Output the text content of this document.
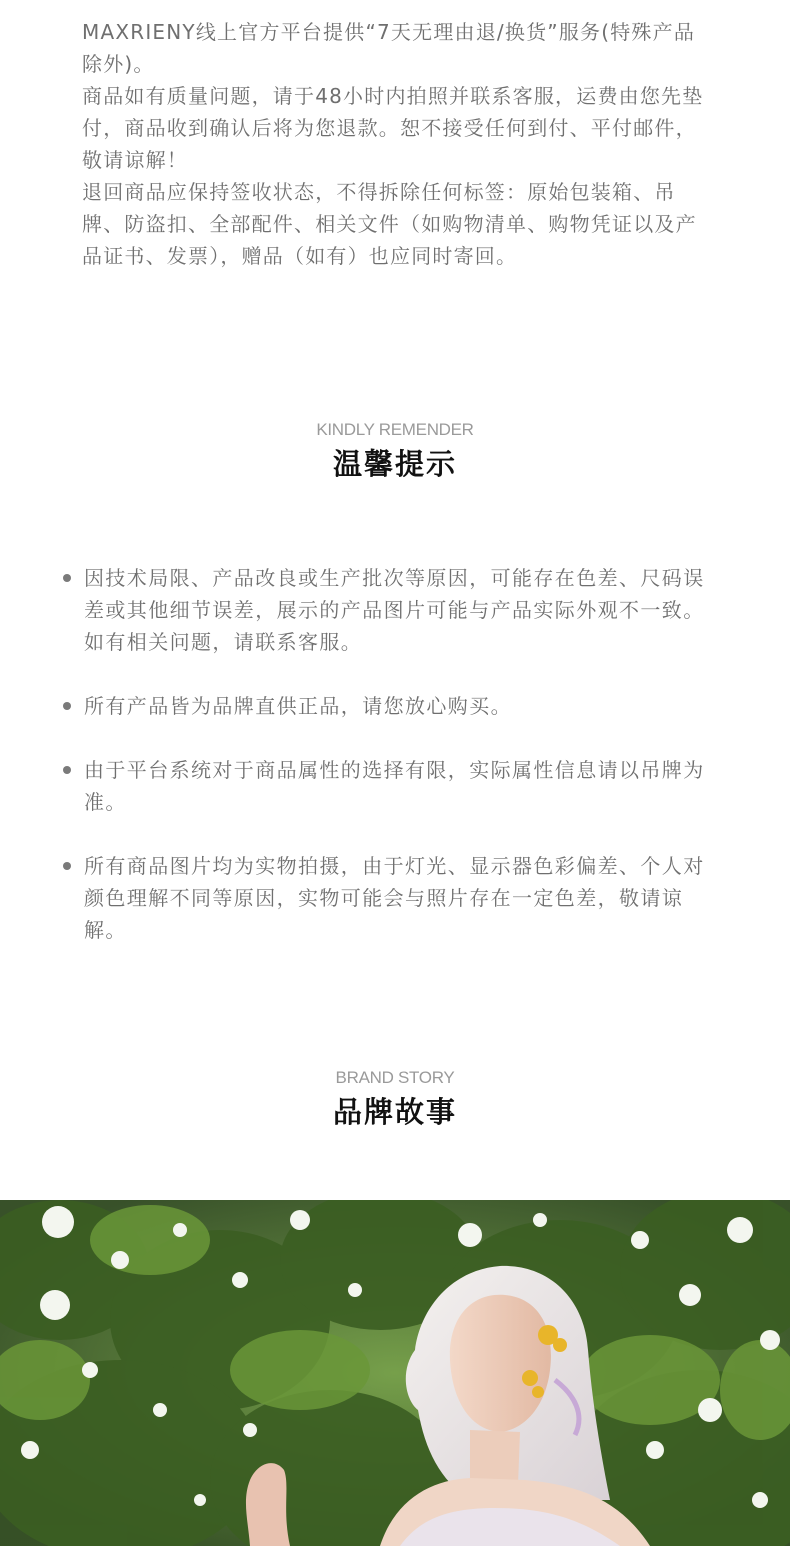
MAXRIENY线上官方平台提供“7天无理由退/换货”服务(特殊产品除外)。

商品如有质量问题，请于48小时内拍照并联系客服，运费由您先垫付，商品收到确认后将为您退款。恕不接受任何到付、平付邮件，敬请谅解！

退回商品应保持签收状态，不得拆除任何标签：原始包装箱、吊牌、防盗扣、全部配件、相关文件（如购物清单、购物凭证以及产品证书、发票），赠品（如有）也应同时寄回。

KINDLY REMENDER
温馨提示
因技术局限、产品改良或生产批次等原因，可能存在色差、尺码误差或其他细节误差，展示的产品图片可能与产品实际外观不一致。如有相关问题，请联系客服。
所有产品皆为品牌直供正品，请您放心购买。
由于平台系统对于商品属性的选择有限，实际属性信息请以吊牌为准。
所有商品图片均为实物拍摄，由于灯光、显示器色彩偏差、个人对颜色理解不同等原因，实物可能会与照片存在一定色差，敬请谅解。
BRAND STORY
品牌故事
